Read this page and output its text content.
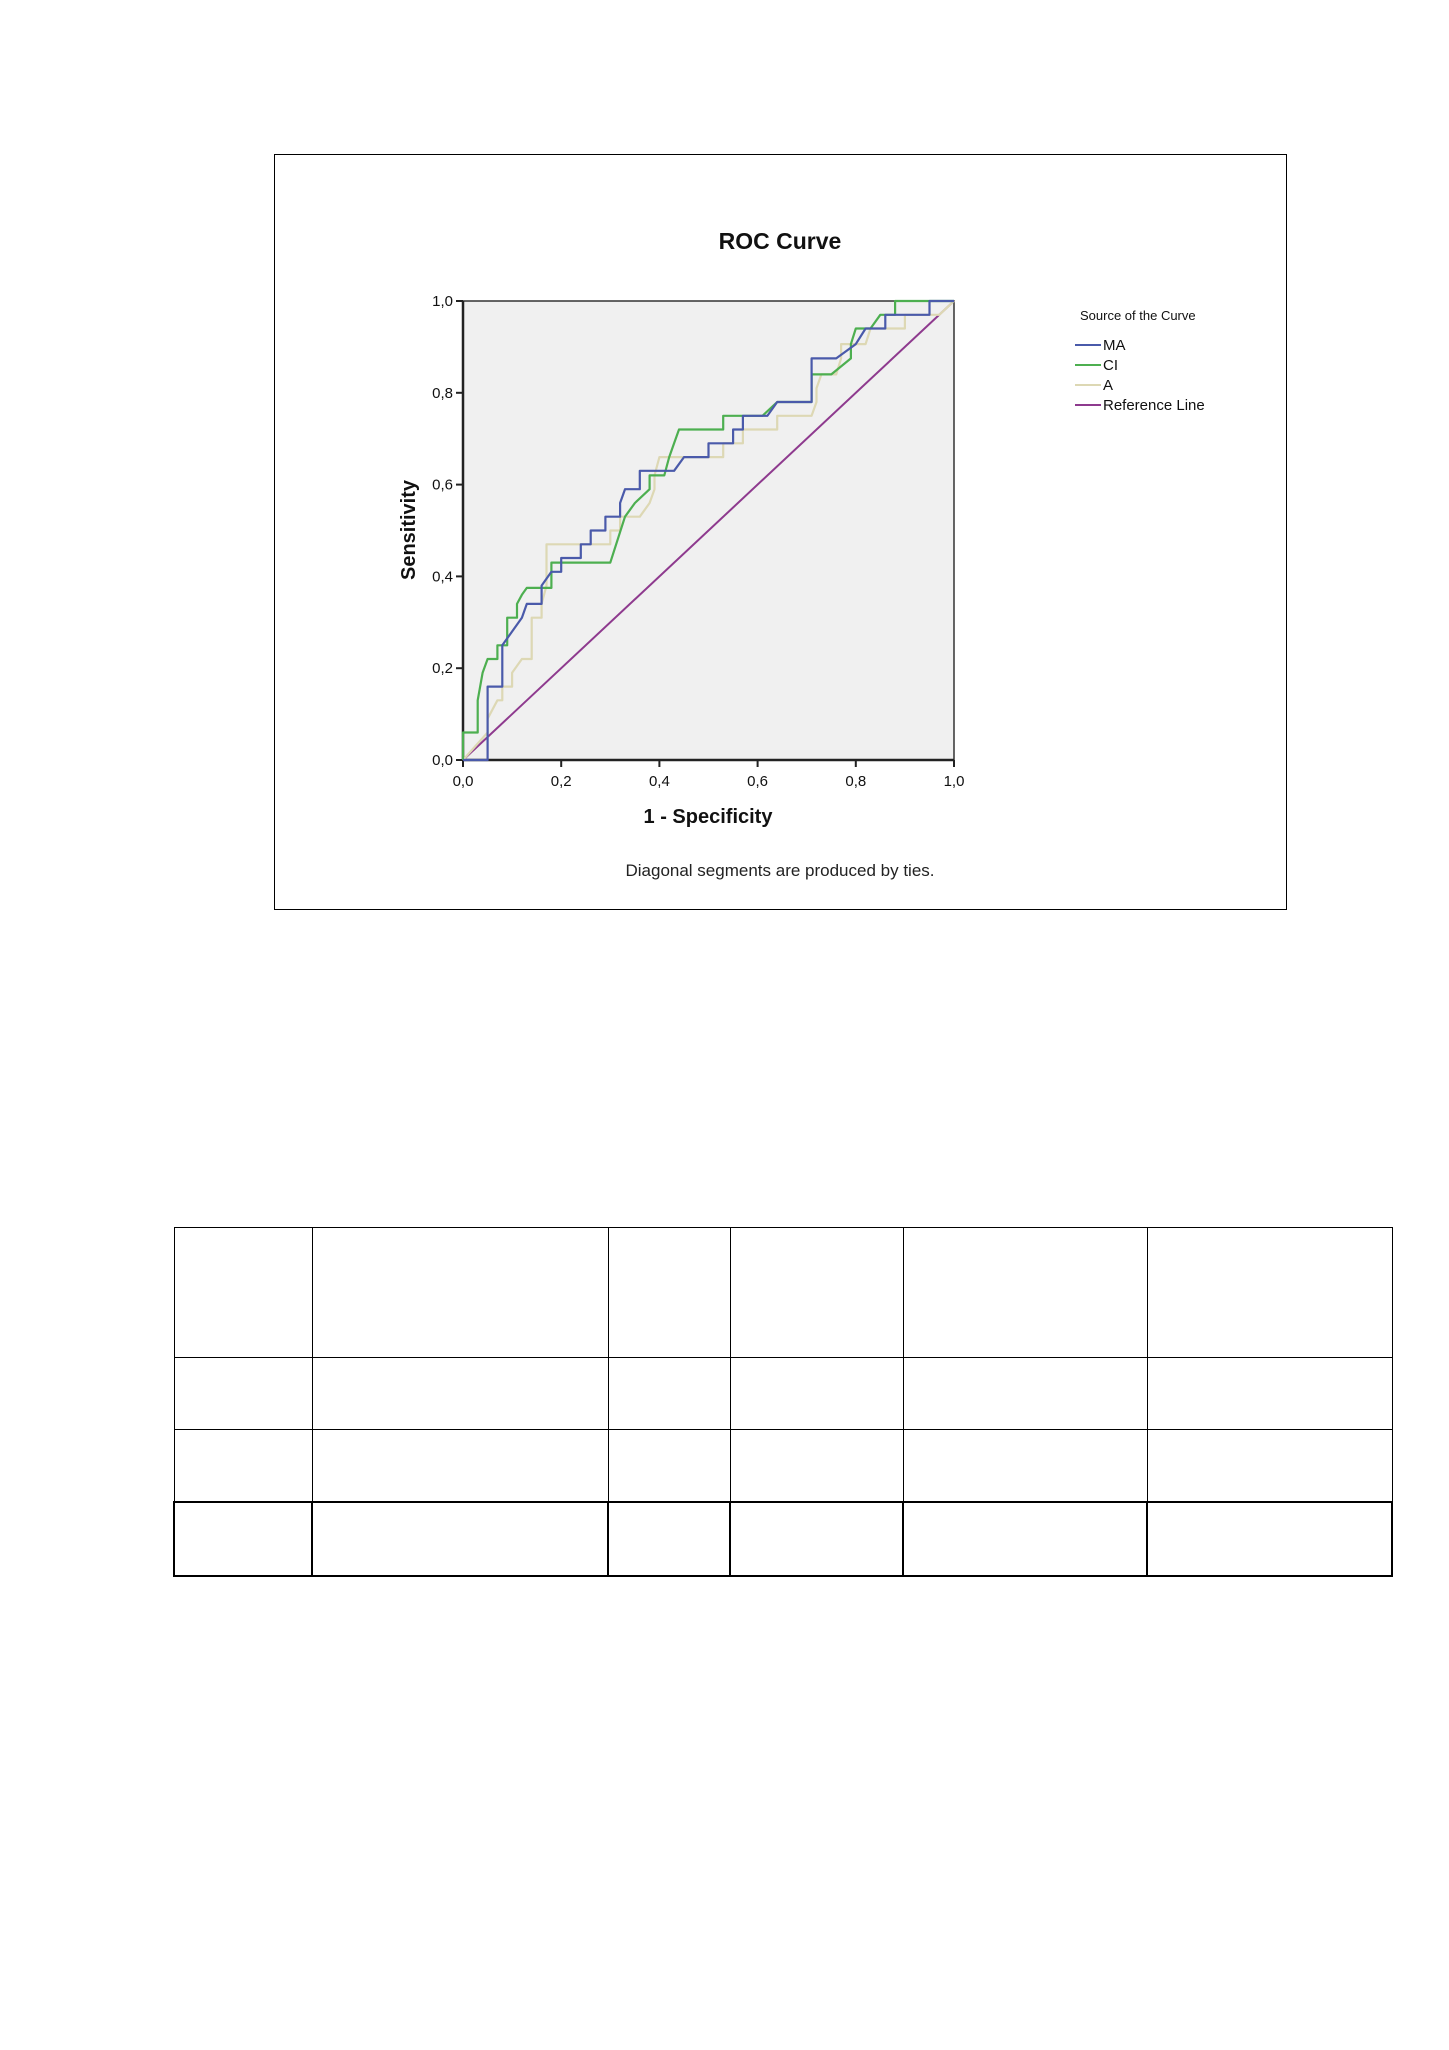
ROC Curve
0,0
0,2
0,4
0,6
0,8
1,0
0,0	0,2	0,4	0,6	0,8	1,0
Sensitivity
1 - Specificity
Source of the Curve
MA
CI
A
Reference Line
Diagonal segments are produced by ties.
